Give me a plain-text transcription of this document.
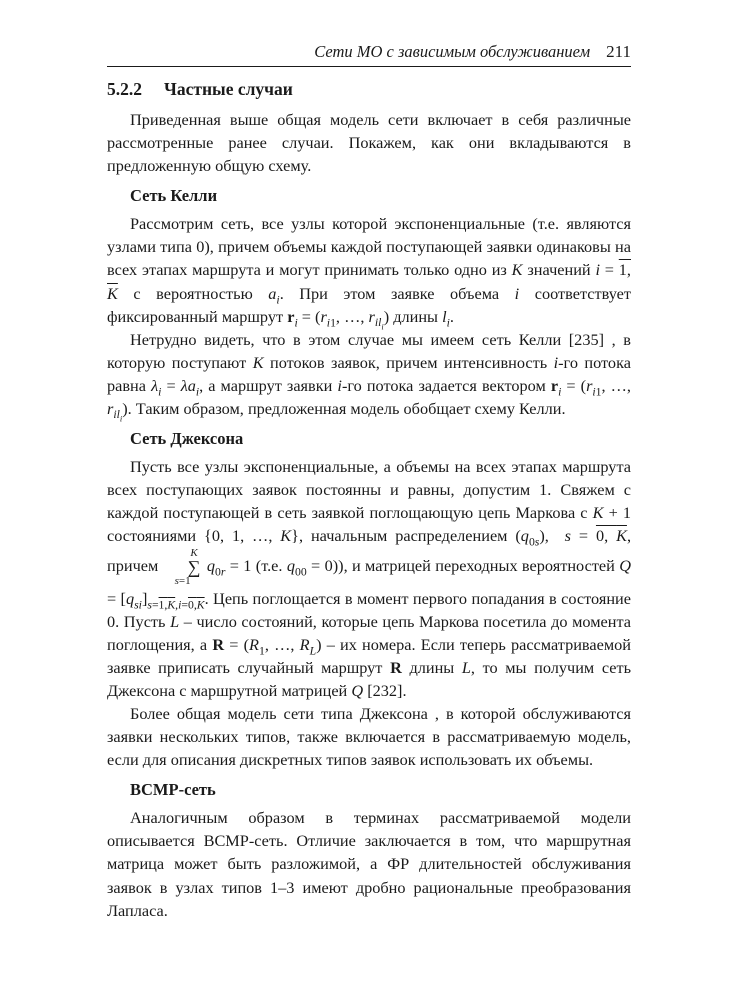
Сети МО с зависимым обслуживанием 211
5.2.2 Частные случаи

Приведенная выше общая модель сети включает в себя различные рассмотренные ранее случаи. Покажем, как они вкладываются в предложенную общую схему.

Сеть Келли

Рассмотрим сеть, все узлы которой экспоненциальные (т.е. являются узлами типа 0), причем объемы каждой поступающей заявки одинаковы на всех этапах маршрута и могут принимать только одно из K значений i = 1, K с вероятностью $a_i$. При этом заявке объема i соответствует фиксированный маршрут $r_i = (r_{i1}$, …, $r_{il_i}$) длины $l_i$.

Нетрудно видеть, что в этом случае мы имеем сеть Келли [235] , в которую поступают K потоков заявок, причем интенсивность i-го потока равна $\lambda_i = \lambda a_i$, а маршрут заявки i-го потока задается вектором $r_i = (r_{i1}$, …, $r_{il_i}$). Таким образом, предложенная модель обобщает схему Келли.

Сеть Джексона

Пусть все узлы экспоненциальные, а объемы на всех этапах маршрута всех поступающих заявок постоянны и равны, допустим 1. Свяжем с каждой поступающей в сеть заявкой поглощающую цепь Маркова с K + 1 состояниями {0, 1, …, K}, начальным распределением $(q_{0s})$,  s = 0, K, причем K
∑
s=1 $q_{0r} = 1$ (т.е. $q_{00} = 0$)), и матрицей переходных вероятностей $Q = [q_{si}]_{s=1,K,i=0,K}$. Цепь поглощается в момент первого попадания в состояние 0. Пусть L – число состояний, которые цепь Маркова посетила до момента поглощения, а $R = (R_1$, …, $R_L$) – их номера. Если теперь рассматриваемой заявке приписать случайный маршрут R длины L, то мы получим сеть Джексона с маршрутной матрицей Q [232].

Более общая модель сети типа Джексона , в которой обслуживаются заявки нескольких типов, также включается в рассматриваемую модель, если для описания дискретных типов заявок использовать их объемы.

BCMP-сеть

Аналогичным образом в терминах рассматриваемой модели описывается BCMP-сеть. Отличие заключается в том, что маршрутная матрица может быть разложимой, а ФР длительностей обслуживания заявок в узлах типов 1–3 имеют дробно рациональные преобразования Лапласа.
